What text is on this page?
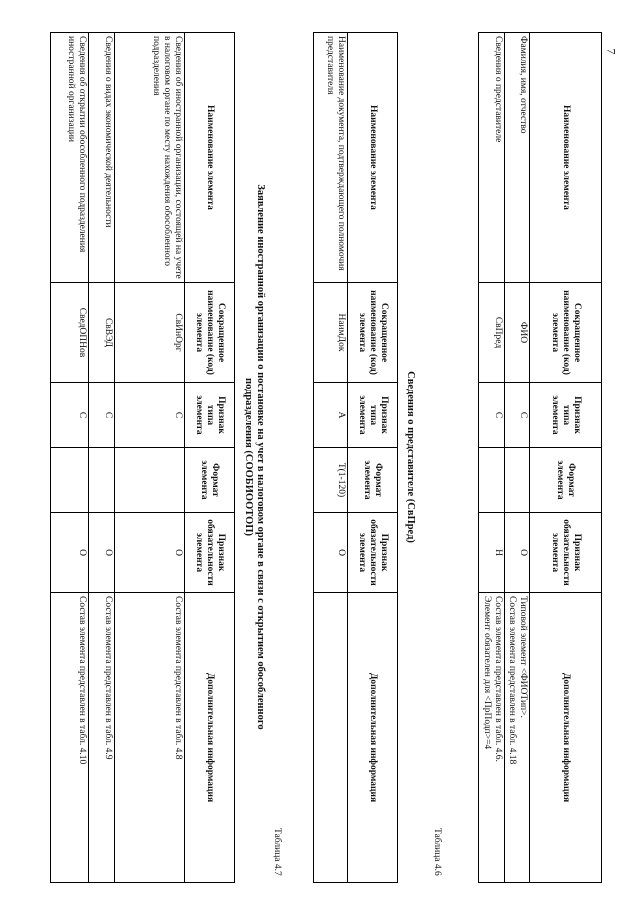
7
Наименование элемента	Сокращенное наименование (код) элемента	Признак типа элемента	Формат элемента	Признак обязательности элемента	Дополнительная информация
Фамилия, имя, отчество	ФИО	С		О	Типовой элемент <ФИОТип>.
Состав элемента представлен в табл. 4.18

Сведения о представителе	СвПред	С		Н	Состав элемента представлен в табл. 4.6.
Элемент обязателен для <ПрПодп>=4
Таблица 4.6
Сведения о представителе (СвПред)
Наименование элемента	Сокращенное наименование (код) элемента	Признак типа элемента	Формат элемента	Признак обязательности элемента	Дополнительная информация
Наименование документа, подтверждающего полномочия представителя	НаимДок	А	T(1-120)	О	
Таблица 4.7
Заявление иностранной организации о постановке на учет в налоговом органе в связи с открытием обособленного
подразделения (СООБИООТОП)
Наименование элемента	Сокращенное наименование (код) элемента	Признак типа элемента	Формат элемента	Признак обязательности элемента	Дополнительная информация
Сведения об иностранной организации, состоящей на учете в налоговом органе по месту нахождения обособленного подразделения	СвИнОрг	С		О	Состав элемента представлен в табл. 4.8
Сведения о видах экономической деятельности	СвВЭД	С		О	Состав элемента представлен в табл. 4.9
Сведения об открытии обособленного подразделения иностранной организации	СведОПНов	С		О	Состав элемента представлен в табл. 4.10
